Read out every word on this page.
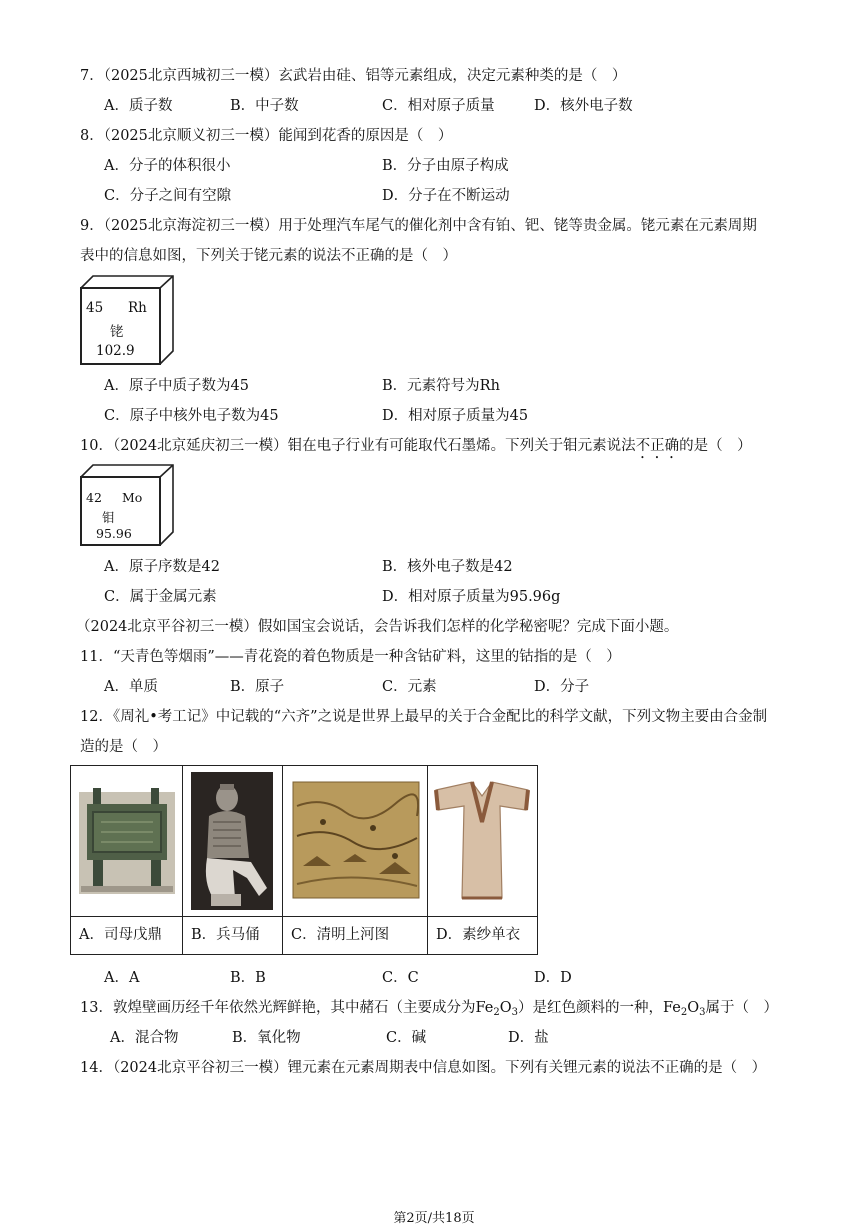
7．（2025北京西城初三一模）玄武岩由硅、铝等元素组成，决定元素种类的是（　）
A．质子数	B．中子数	C．相对原子质量	D．核外电子数
8．（2025北京顺义初三一模）能闻到花香的原因是（　）
A．分子的体积很小	B．分子由原子构成
C．分子之间有空隙	D．分子在不断运动
9．（2025北京海淀初三一模）用于处理汽车尾气的催化剂中含有铂、钯、铑等贵金属。铑元素在元素周期
表中的信息如图，下列关于铑元素的说法不正确的是（　）
45 Rh
铑
102.9
A．原子中质子数为45	B．元素符号为Rh
C．原子中核外电子数为45	D．相对原子质量为45
10．（2024北京延庆初三一模）钼在电子行业有可能取代石墨烯。下列关于钼元素说法不正确的是（　）
42 Mo
钼
95.96
A．原子序数是42	B．核外电子数是42
C．属于金属元素	D．相对原子质量为95.96g
（2024北京平谷初三一模）假如国宝会说话，会告诉我们怎样的化学秘密呢？完成下面小题。
11．“天青色等烟雨”——青花瓷的着色物质是一种含钴矿料，这里的钴指的是（　）
A．单质	B．原子	C．元素	D．分子
12．《周礼•考工记》中记载的“六齐”之说是世界上最早的关于合金配比的科学文献，下列文物主要由合金制
造的是（　）

A．司母戊鼎	B．兵马俑	C．清明上河图	D．素纱单衣
A．A	B．B	C．C	D．D
13．敦煌壁画历经千年依然光辉鲜艳，其中赭石（主要成分为$Fe_2O_3$）是红色颜料的一种，$Fe_2O_3$属于（　）
A．混合物	B．氧化物	C．碱	D．盐
14．（2024北京平谷初三一模）锂元素在元素周期表中信息如图。下列有关锂元素的说法不正确的是（　）
第2页/共18页
